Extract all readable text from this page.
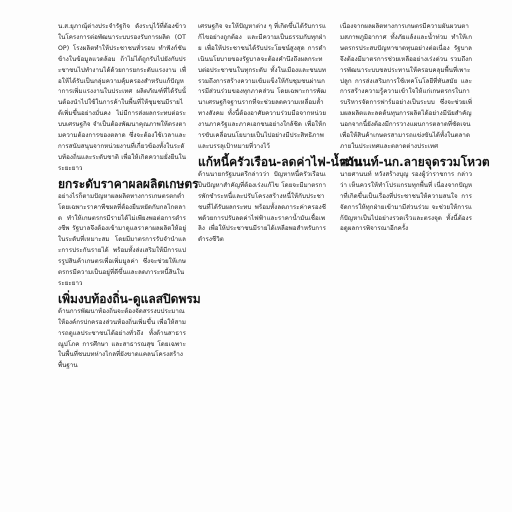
น.ส.ยุภาณุ้ต่างประจำรัฐกิจ ดังระบุไว้ที่ต้องข้าวในโครงการต่อพัฒนาระบบรองรับการผลิต (OTOP) โรงผลิตทำให้ประชาชนทั่วรอบ ทำฟังก์ชันข้างในข้อมูลแวดล้อม ถ้าไม่ได้ถูกรับไปยังกับประชาชนไปทำงานได้ด้วยการยกระดับแรงงาน เพื่อให้ได้รับเป็นกลุ่มความคุ้มครองสำหรับแก้ปัญหาการเพิ่มแรงงานในประเทศ ผลิตภัณฑ์ที่ได้รับนั้นต้องนำไปใช้ในการค้าในพื้นที่ให้ชุมชนมีรายได้เพิ่มขึ้นอย่างมั่นคง ไม่มีการส่งผลกระทบต่อระบบเศรษฐกิจ จำเป็นต้องพัฒนาคุณภาพให้ตรงตามความต้องการของตลาด ซึ่งจะต้องใช้เวลาและการสนับสนุนจากหน่วยงานที่เกี่ยวข้องทั้งในระดับท้องถิ่นและระดับชาติ เพื่อให้เกิดความยั่งยืนในระยะยาว
ยกระดับราคาผลผลิตเกษตร
อย่างไรก็ตามปัญหาผลผลิตทางการเกษตรตกต่ำ โดยเฉพาะราคาพืชผลที่ต้องยืนหยัดกับกลไกตลาด ทำให้เกษตรกรมีรายได้ไม่เพียงพอต่อการดำรงชีพ รัฐบาลจึงต้องเข้ามาดูแลราคาผลผลิตให้อยู่ในระดับที่เหมาะสม โดยมีมาตรการรับจำนำและการประกันรายได้ พร้อมทั้งส่งเสริมให้มีการแปรรูปสินค้าเกษตรเพื่อเพิ่มมูลค่า ซึ่งจะช่วยให้เกษตรกรมีความเป็นอยู่ที่ดีขึ้นและลดภาระหนี้สินในระยะยาว
เพิ่มงบท้องถิ่น-ดูแลสปิดพรม
ด้านการพัฒนาท้องถิ่นจะต้องจัดสรรงบประมาณให้องค์กรปกครองส่วนท้องถิ่นเพิ่มขึ้น เพื่อให้สามารถดูแลประชาชนได้อย่างทั่วถึง ทั้งด้านสาธารณูปโภค การศึกษา และสาธารณสุข โดยเฉพาะในพื้นที่ชนบทห่างไกลที่ยังขาดแคลนโครงสร้างพื้นฐาน
เศรษฐกิจ จะให้ปัญหาต่าง ๆ ที่เกิดขึ้นได้รับการแก้ไขอย่างถูกต้อง และมีความเป็นธรรมกับทุกฝ่าย เพื่อให้ประชาชนได้รับประโยชน์สูงสุด การดำเนินนโยบายของรัฐบาลจะต้องคำนึงถึงผลกระทบต่อประชาชนในทุกระดับ ทั้งในเมืองและชนบท รวมถึงการสร้างความเข้มแข็งให้กับชุมชนผ่านการมีส่วนร่วมของทุกภาคส่วน โดยเฉพาะการพัฒนาเศรษฐกิจฐานรากที่จะช่วยลดความเหลื่อมล้ำทางสังคม ทั้งนี้ต้องอาศัยความร่วมมือจากหน่วยงานภาครัฐและภาคเอกชนอย่างใกล้ชิด เพื่อให้การขับเคลื่อนนโยบายเป็นไปอย่างมีประสิทธิภาพและบรรลุเป้าหมายที่วางไว้
แก้หนี้ครัวเรือน-ลดค่าไฟ-น้ำมัน
ด้านนายกรัฐมนตรีกล่าวว่า ปัญหาหนี้ครัวเรือนเป็นปัญหาสำคัญที่ต้องเร่งแก้ไข โดยจะมีมาตรการพักชำระหนี้และปรับโครงสร้างหนี้ให้กับประชาชนที่ได้รับผลกระทบ พร้อมทั้งลดภาระค่าครองชีพด้วยการปรับลดค่าไฟฟ้าและราคาน้ำมันเชื้อเพลิง เพื่อให้ประชาชนมีรายได้เหลือพอสำหรับการดำรงชีวิต
เนื่องจากผลผลิตทางการเกษตรมีความผันผวนตามสภาพภูมิอากาศ ทั้งภัยแล้งและน้ำท่วม ทำให้เกษตรกรประสบปัญหาขาดทุนอย่างต่อเนื่อง รัฐบาลจึงต้องมีมาตรการช่วยเหลืออย่างเร่งด่วน รวมถึงการพัฒนาระบบชลประทานให้ครอบคลุมพื้นที่เพาะปลูก การส่งเสริมการใช้เทคโนโลยีที่ทันสมัย และการสร้างความรู้ความเข้าใจให้แก่เกษตรกรในการบริหารจัดการฟาร์มอย่างเป็นระบบ ซึ่งจะช่วยเพิ่มผลผลิตและลดต้นทุนการผลิตได้อย่างมีนัยสำคัญ นอกจากนี้ยังต้องมีการวางแผนการตลาดที่ชัดเจน เพื่อให้สินค้าเกษตรสามารถแข่งขันได้ทั้งในตลาดภายในประเทศและตลาดต่างประเทศ
ศานนท์-นก.ลายจุดรวมโหวต
นายศานนท์ หวังสร้างบุญ รองผู้ว่าราชการ กล่าวว่า เห็นควรให้ทำโปรแกรมทุกพื้นที่ เนื่องจากปัญหาที่เกิดขึ้นเป็นเรื่องที่ประชาชนให้ความสนใจ การจัดการให้ทุกฝ่ายเข้ามามีส่วนร่วม จะช่วยให้การแก้ปัญหาเป็นไปอย่างรวดเร็วและตรงจุด ทั้งนี้ต้องรอดูผลการพิจารณาอีกครั้ง
